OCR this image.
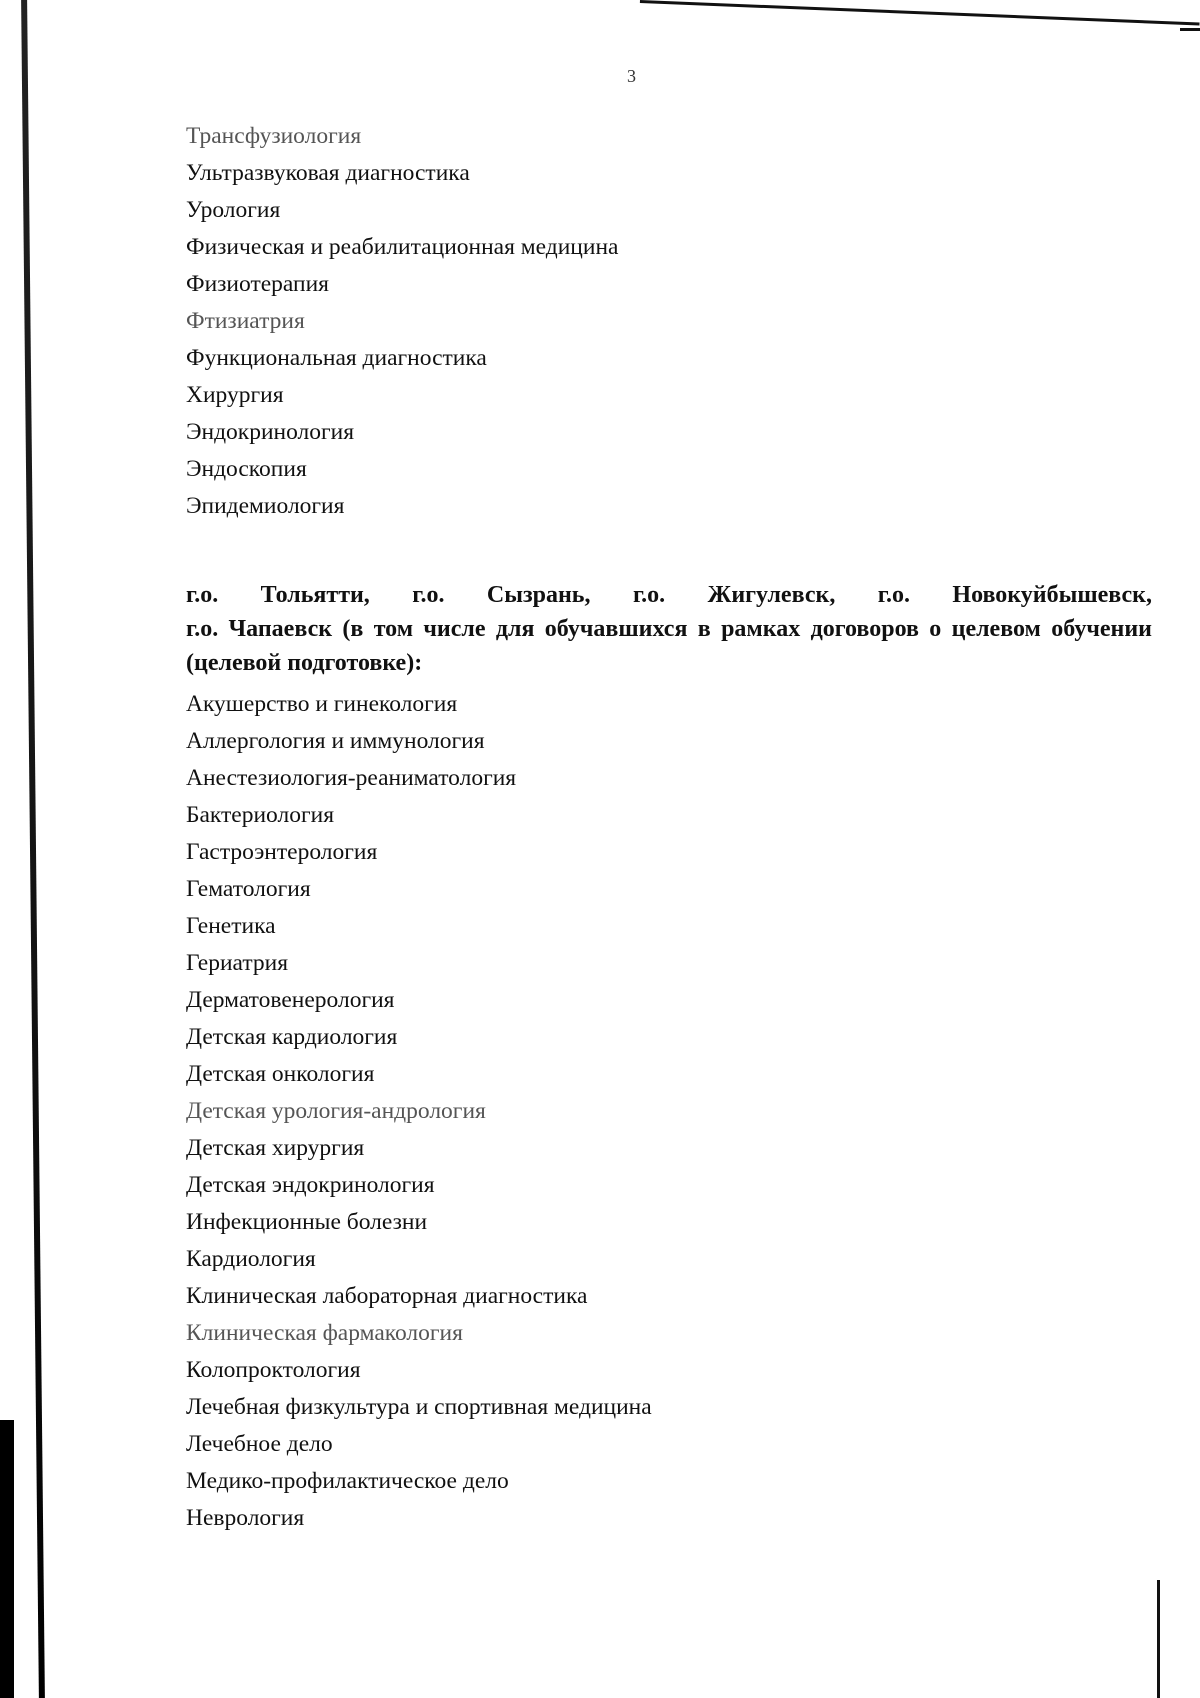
3
Трансфузиология
Ультразвуковая диагностика
Урология
Физическая и реабилитационная медицина
Физиотерапия
Фтизиатрия
Функциональная диагностика
Хирургия
Эндокринология
Эндоскопия
Эпидемиология
г.о. Тольятти, г.о. Сызрань, г.о. Жигулевск, г.о. Новокуйбышевск,
г.о. Чапаевск (в том числе для обучавшихся в рамках договоров о целевом обучении (целевой подготовке):
Акушерство и гинекология
Аллергология и иммунология
Анестезиология-реаниматология
Бактериология
Гастроэнтерология
Гематология
Генетика
Гериатрия
Дерматовенерология
Детская кардиология
Детская онкология
Детская урология-андрология
Детская хирургия
Детская эндокринология
Инфекционные болезни
Кардиология
Клиническая лабораторная диагностика
Клиническая фармакология
Колопроктология
Лечебная физкультура и спортивная медицина
Лечебное дело
Медико-профилактическое дело
Неврология
